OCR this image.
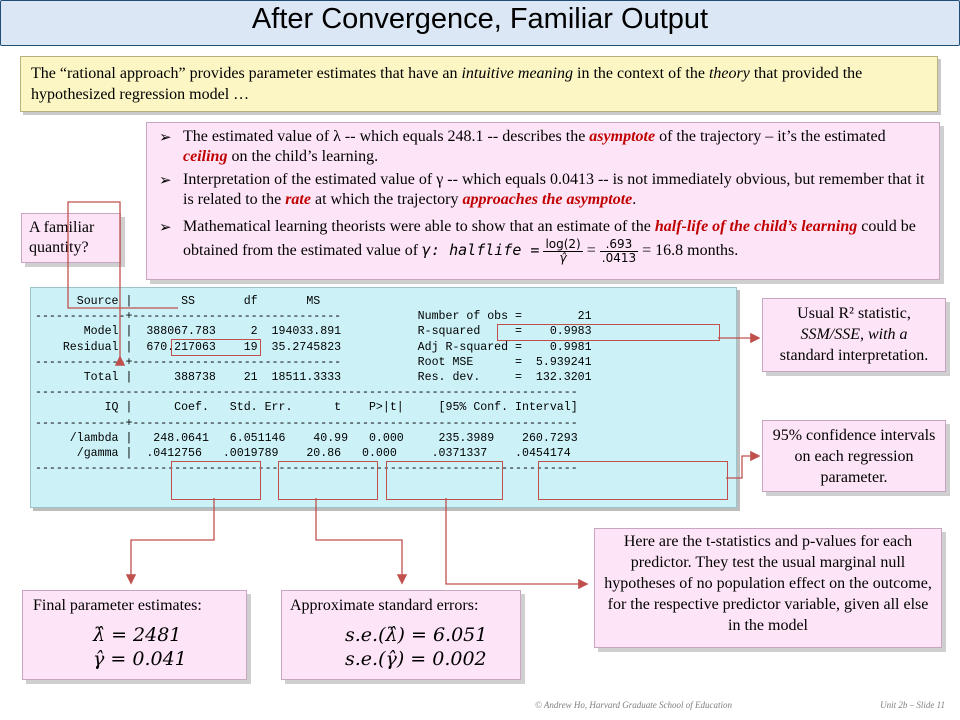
After Convergence, Familiar Output
The “rational approach” provides parameter estimates that have an intuitive meaning in the context of the theory that provided the hypothesized regression model …
➢ The estimated value of λ -- which equals 248.1 -- describes the asymptote of the trajectory – it’s the estimated ceiling on the child’s learning.
➢ Interpretation of the estimated value of γ -- which equals 0.0413 -- is not immediately obvious, but remember that it is related to the rate at which the trajectory approaches the asymptote.
➢ Mathematical learning theorists were able to show that an estimate of the half-life of the child’s learning could be obtained from the estimated value of γ: halflife = $\frac{\log(2)}{\gammâ} = \frac{.693}{.0413} = 16.8$ months.
A familiar quantity?
Source |       SS       df       MS
-------------+------------------------------           Number of obs =        21
Model |  388067.783     2  194033.891           R-squared     =    0.9983
Residual |  670.217063    19  35.2745823           Adj R-squared =    0.9981
-------------+------------------------------           Root MSE      =  5.939241
Total |      388738    21  18511.3333           Res. dev.     =  132.3201
------------------------------------------------------------------------------
IQ |      Coef.   Std. Err.      t    P>|t|     [95% Conf. Interval]
-------------+----------------------------------------------------------------
/lambda |   248.0641   6.051146    40.99   0.000     235.3989    260.7293
/gamma |  .0412756   .0019789    20.86   0.000     .0371337    .0454174
------------------------------------------------------------------------------
Usual R² statistic,
SSM/SSE, with a
standard interpretation.
95% confidence intervals on each regression parameter.
Here are the t-statistics and p-values for each predictor. They test the usual marginal null hypotheses of no population effect on the outcome, for the respective predictor variable, given all else in the model
Final parameter estimates:
λ̂ = 2481
γ̂ = 0.041
Approximate standard errors:
s.e.(λ̂) = 6.051
s.e.(γ̂) = 0.002
© Andrew Ho, Harvard Graduate School of Education	Unit 2b – Slide 11
